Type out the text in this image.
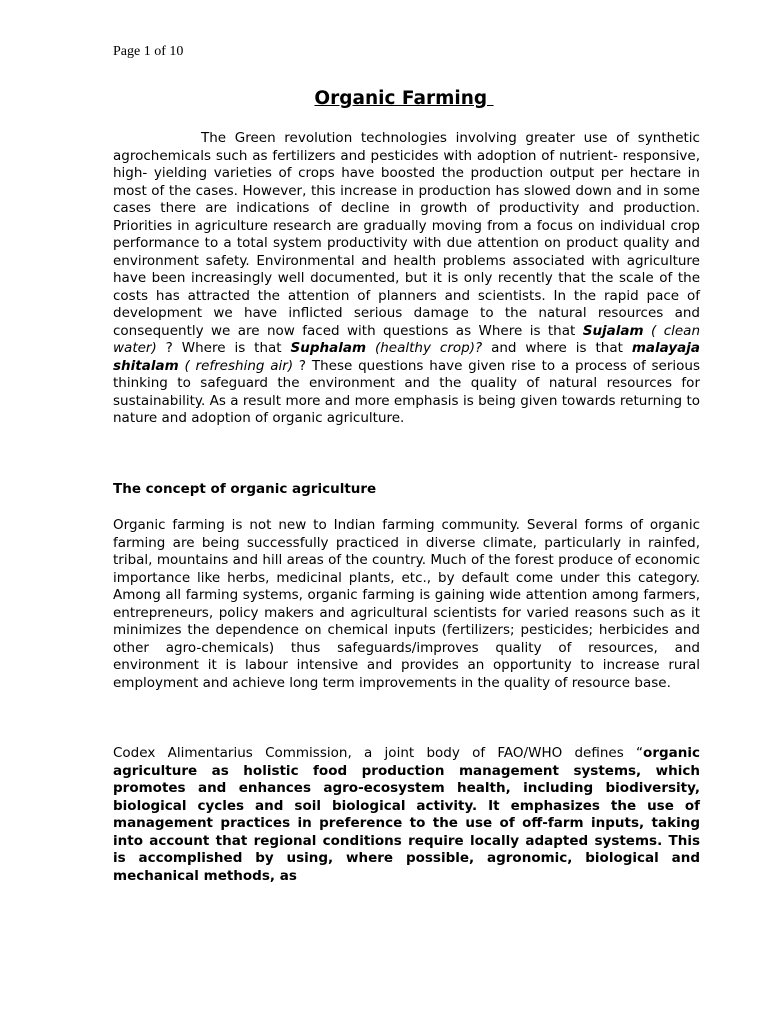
Page 1 of 10

Organic Farming

The Green revolution technologies involving greater use of synthetic agrochemicals such as fertilizers and pesticides with adoption of nutrient- responsive, high- yielding varieties of crops have boosted the production output per hectare in most of the cases. However, this increase in production has slowed down and in some cases there are indications of decline in growth of productivity and production. Priorities in agriculture research are gradually moving from a focus on individual crop performance to a total system productivity with due attention on product quality and environment safety. Environmental and health problems associated with agriculture have been increasingly well documented, but it is only recently that the scale of the costs has attracted the attention of planners and scientists. In the rapid pace of development we have inflicted serious damage to the natural resources and consequently we are now faced with questions as Where is that Sujalam ( clean water) ? Where is that Suphalam (healthy crop)? and where is that malayaja shitalam ( refreshing air) ? These questions have given rise to a process of serious thinking to safeguard the environment and the quality of natural resources for sustainability. As a result more and more emphasis is being given towards returning to nature and adoption of organic agriculture.

The concept of organic agriculture

Organic farming is not new to Indian farming community. Several forms of organic farming are being successfully practiced in diverse climate, particularly in rainfed, tribal, mountains and hill areas of the country. Much of the forest produce of economic importance like herbs, medicinal plants, etc., by default come under this category. Among all farming systems, organic farming is gaining wide attention among farmers, entrepreneurs, policy makers and agricultural scientists for varied reasons such as it minimizes the dependence on chemical inputs (fertilizers; pesticides; herbicides and other agro-chemicals) thus safeguards/improves quality of resources, and environment it is labour intensive and provides an opportunity to increase rural employment and achieve long term improvements in the quality of resource base.

Codex Alimentarius Commission, a joint body of FAO/WHO defines “organic agriculture as holistic food production management systems, which promotes and enhances agro-ecosystem health, including biodiversity, biological cycles and soil biological activity. It emphasizes the use of management practices in preference to the use of off-farm inputs, taking into account that regional conditions require locally adapted systems. This is accomplished by using, where possible, agronomic, biological and mechanical methods, as
